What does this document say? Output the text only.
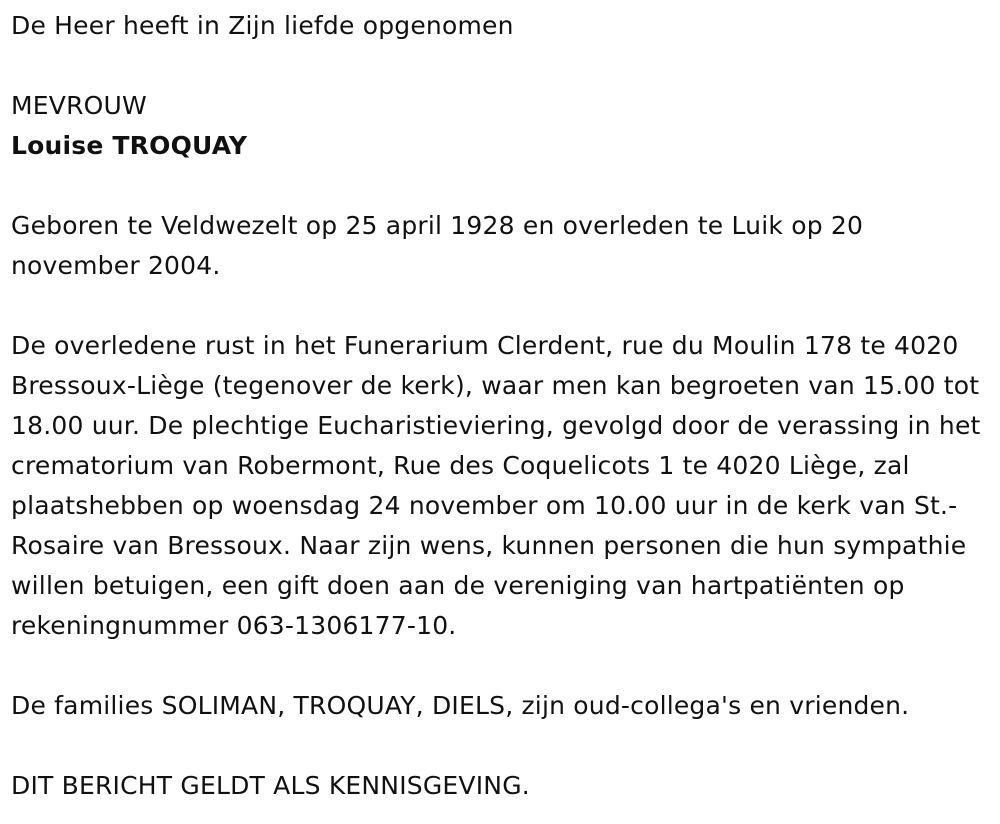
De Heer heeft in Zijn liefde opgenomen

MEVROUW

Louise TROQUAY

Geboren te Veldwezelt op 25 april 1928 en overleden te Luik op 20 november 2004.

De overledene rust in het Funerarium Clerdent, rue du Moulin 178 te 4020 Bressoux-Liège (tegenover de kerk), waar men kan begroeten van 15.00 tot 18.00 uur. De plechtige Eucharistieviering, gevolgd door de verassing in het crematorium van Robermont, Rue des Coquelicots 1 te 4020 Liège, zal plaatshebben op woensdag 24 november om 10.00 uur in de kerk van St.-Rosaire van Bressoux. Naar zijn wens, kunnen personen die hun sympathie willen betuigen, een gift doen aan de vereniging van hartpatiënten op rekeningnummer 063-1306177-10.

De families SOLIMAN, TROQUAY, DIELS, zijn oud-collega's en vrienden.

DIT BERICHT GELDT ALS KENNISGEVING.
